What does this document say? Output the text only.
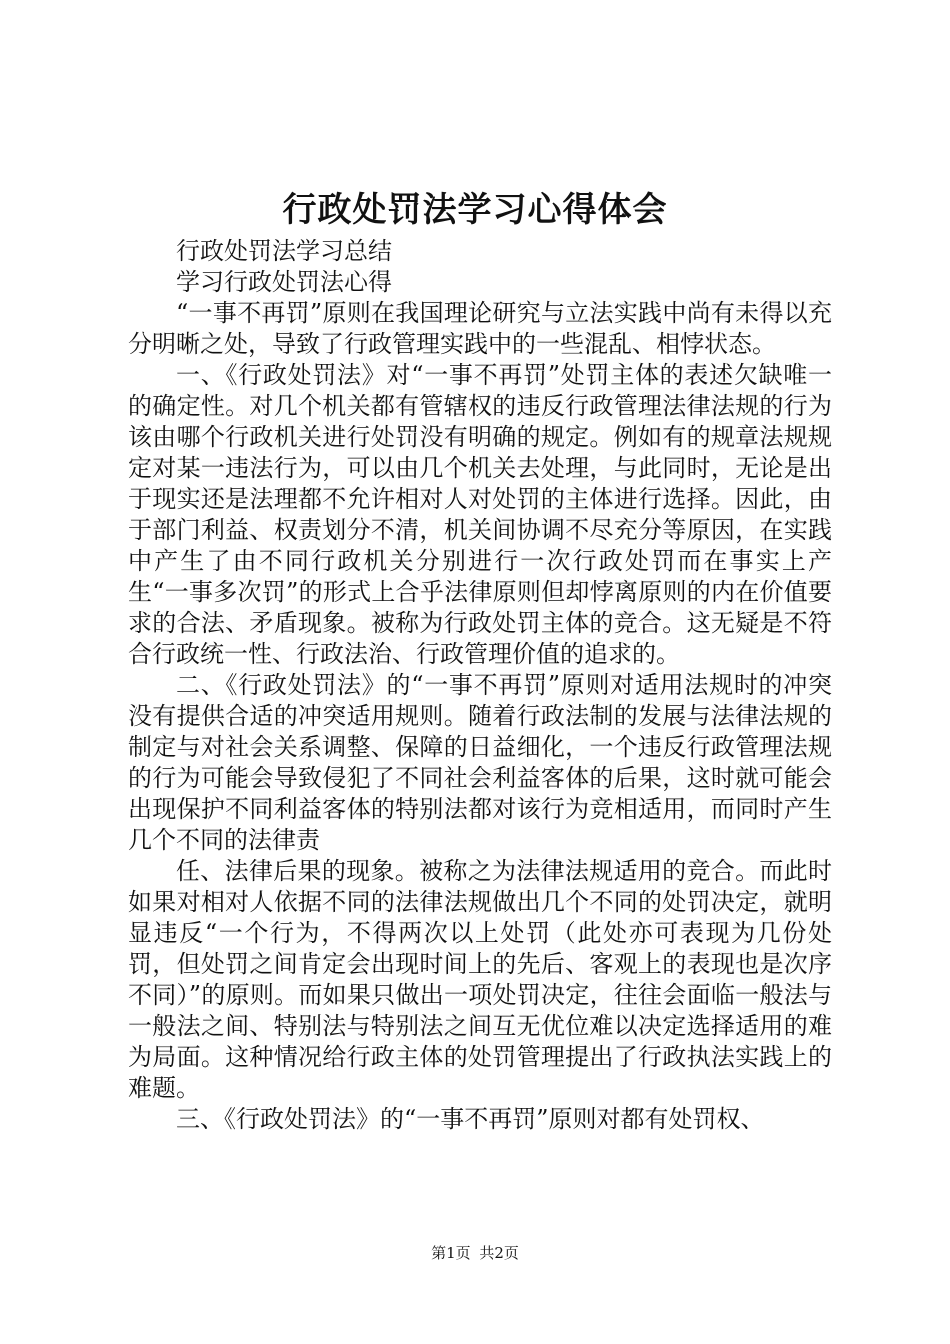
行政处罚法学习心得体会

行政处罚法学习总结

学习行政处罚法心得

“一事不再罚”原则在我国理论研究与立法实践中尚有未得以充分明晰之处，导致了行政管理实践中的一些混乱、相悖状态。

一、《行政处罚法》对“一事不再罚”处罚主体的表述欠缺唯一的确定性。对几个机关都有管辖权的违反行政管理法律法规的行为该由哪个行政机关进行处罚没有明确的规定。例如有的规章法规规定对某一违法行为，可以由几个机关去处理，与此同时，无论是出于现实还是法理都不允许相对人对处罚的主体进行选择。因此，由于部门利益、权责划分不清，机关间协调不尽充分等原因，在实践中产生了由不同行政机关分别进行一次行政处罚而在事实上产生“一事多次罚”的形式上合乎法律原则但却悖离原则的内在价值要求的合法、矛盾现象。被称为行政处罚主体的竞合。这无疑是不符合行政统一性、行政法治、行政管理价值的追求的。

二、《行政处罚法》的“一事不再罚”原则对适用法规时的冲突没有提供合适的冲突适用规则。随着行政法制的发展与法律法规的制定与对社会关系调整、保障的日益细化，一个违反行政管理法规的行为可能会导致侵犯了不同社会利益客体的后果，这时就可能会出现保护不同利益客体的特别法都对该行为竞相适用，而同时产生几个不同的法律责

任、法律后果的现象。被称之为法律法规适用的竞合。而此时如果对相对人依据不同的法律法规做出几个不同的处罚决定，就明显违反“一个行为，不得两次以上处罚（此处亦可表现为几份处罚，但处罚之间肯定会出现时间上的先后、客观上的表现也是次序不同）”的原则。而如果只做出一项处罚决定，往往会面临一般法与一般法之间、特别法与特别法之间互无优位难以决定选择适用的难为局面。这种情况给行政主体的处罚管理提出了行政执法实践上的难题。

三、《行政处罚法》的“一事不再罚”原则对都有处罚权、

第1页 共2页
